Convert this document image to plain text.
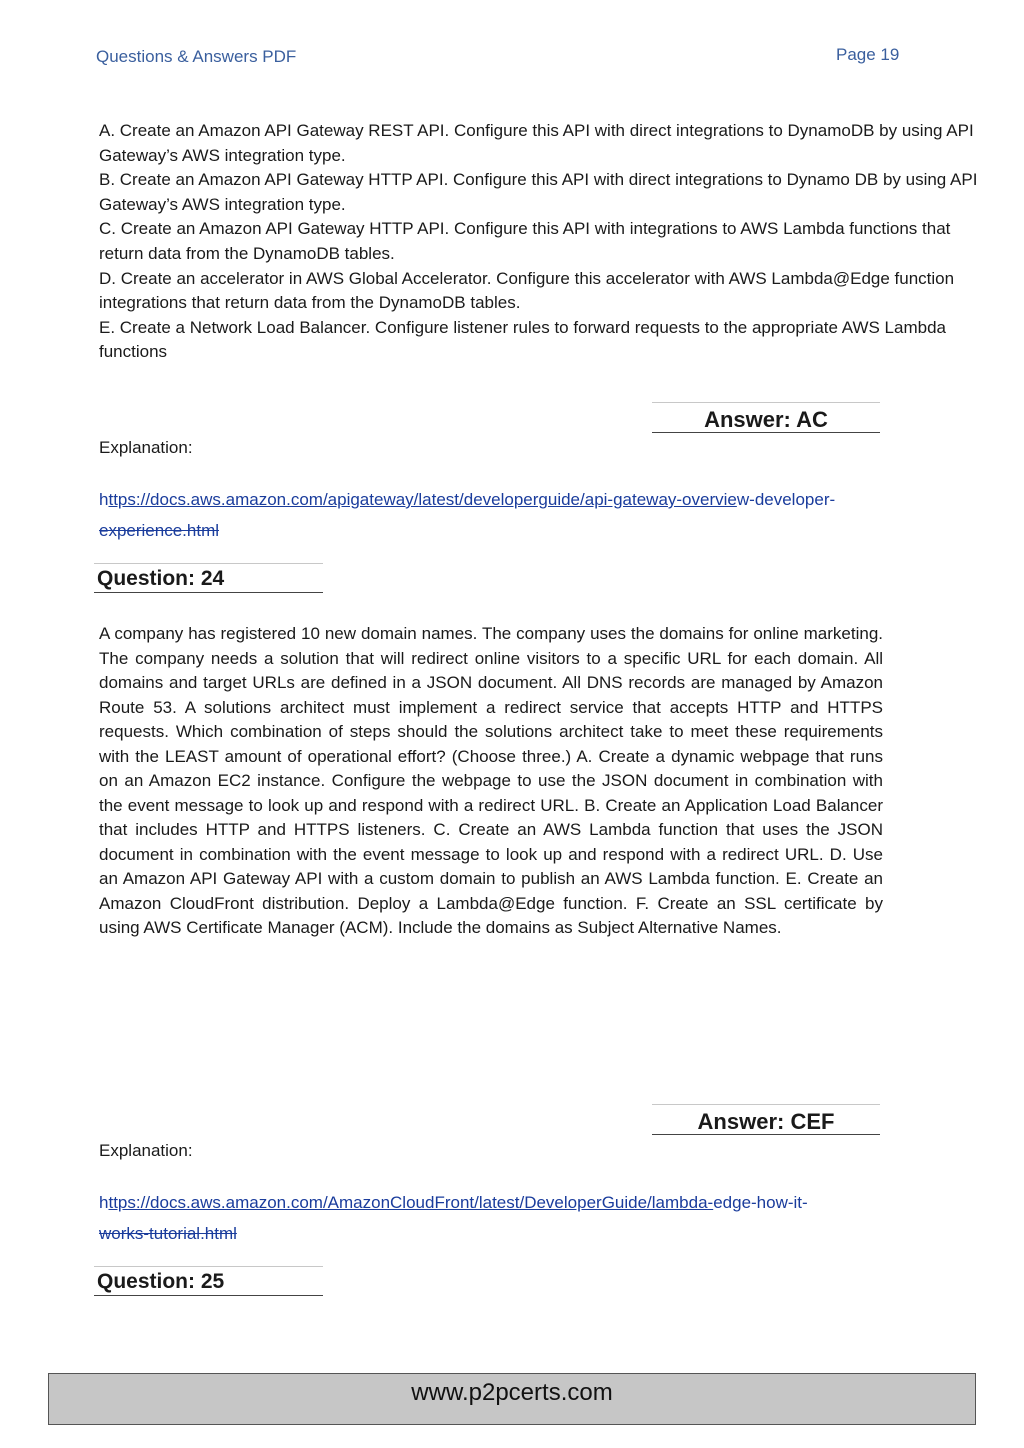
Questions & Answers PDF	Page 19

A. Create an Amazon API Gateway REST API. Configure this API with direct integrations to DynamoDB by using API Gateway’s AWS integration type.

B. Create an Amazon API Gateway HTTP API. Configure this API with direct integrations to Dynamo DB by using API Gateway’s AWS integration type.

C. Create an Amazon API Gateway HTTP API. Configure this API with integrations to AWS Lambda functions that return data from the DynamoDB tables.

D. Create an accelerator in AWS Global Accelerator. Configure this accelerator with AWS Lambda@Edge function integrations that return data from the DynamoDB tables.

E. Create a Network Load Balancer. Configure listener rules to forward requests to the appropriate AWS Lambda functions

Answer: AC
Explanation:
https://docs.aws.amazon.com/apigateway/latest/developerguide/api-gateway-overview-developer-
experience.html
Question: 24

A company has registered 10 new domain names. The company uses the domains for online marketing. The company needs a solution that will redirect online visitors to a specific URL for each domain. All domains and target URLs are defined in a JSON document. All DNS records are managed by Amazon Route 53. A solutions architect must implement a redirect service that accepts HTTP and HTTPS requests. Which combination of steps should the solutions architect take to meet these requirements with the LEAST amount of operational effort? (Choose three.) A. Create a dynamic webpage that runs on an Amazon EC2 instance. Configure the webpage to use the JSON document in combination with the event message to look up and respond with a redirect URL. B. Create an Application Load Balancer that includes HTTP and HTTPS listeners. C. Create an AWS Lambda function that uses the JSON document in combination with the event message to look up and respond with a redirect URL. D. Use an Amazon API Gateway API with a custom domain to publish an AWS Lambda function. E. Create an Amazon CloudFront distribution. Deploy a Lambda@Edge function. F. Create an SSL certificate by using AWS Certificate Manager (ACM). Include the domains as Subject Alternative Names.

Answer: CEF
Explanation:
https://docs.aws.amazon.com/AmazonCloudFront/latest/DeveloperGuide/lambda-edge-how-it-
works-tutorial.html
Question: 25
www.p2pcerts.com
